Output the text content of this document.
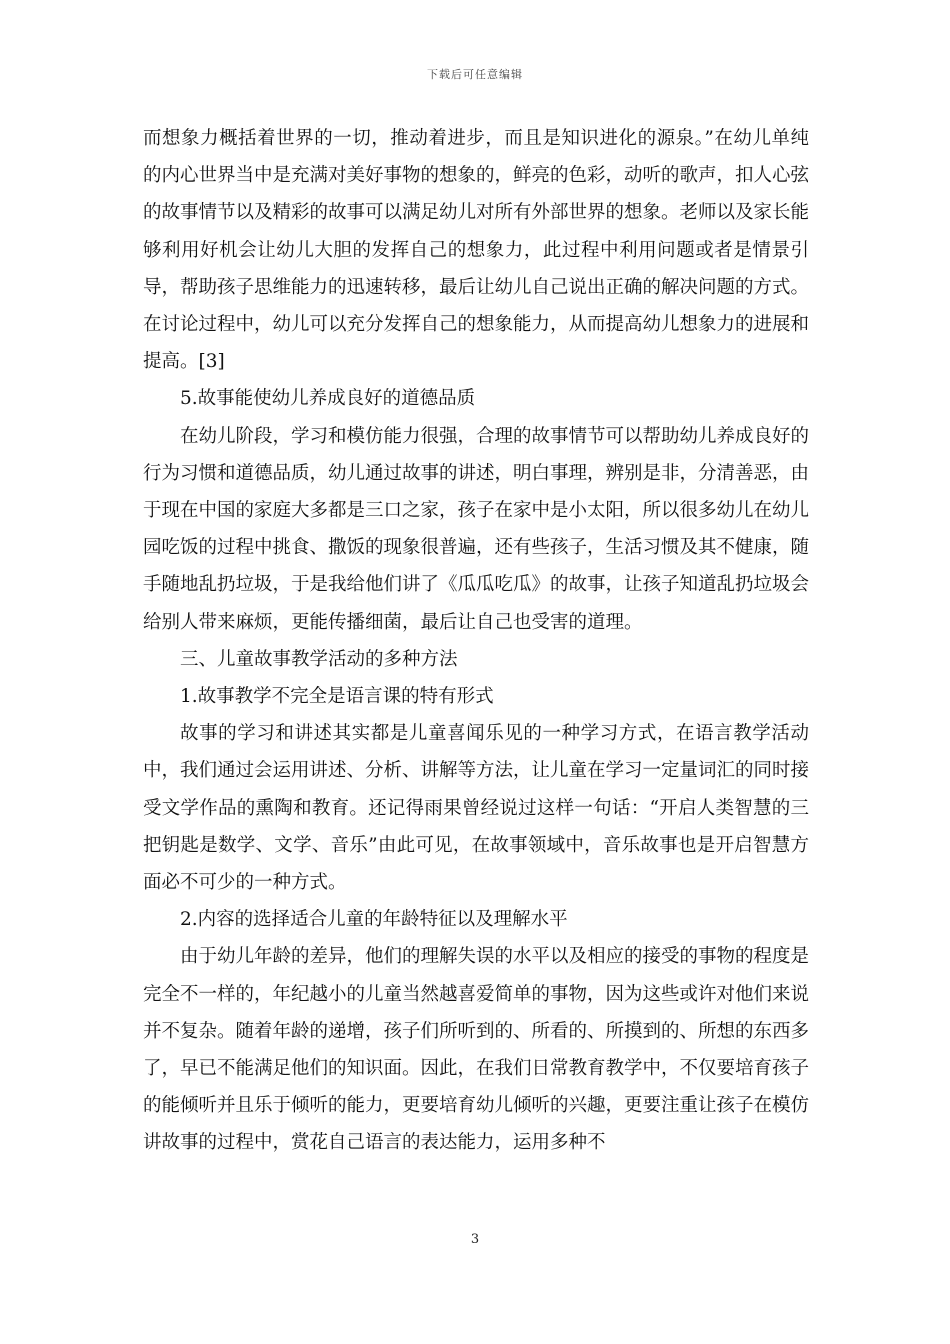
下载后可任意编辑

而想象力概括着世界的一切，推动着进步，而且是知识进化的源泉。”在幼儿单纯的内心世界当中是充满对美好事物的想象的，鲜亮的色彩，动听的歌声，扣人心弦的故事情节以及精彩的故事可以满足幼儿对所有外部世界的想象。老师以及家长能够利用好机会让幼儿大胆的发挥自己的想象力，此过程中利用问题或者是情景引导，帮助孩子思维能力的迅速转移，最后让幼儿自己说出正确的解决问题的方式。在讨论过程中，幼儿可以充分发挥自己的想象能力，从而提高幼儿想象力的进展和提高。[3]

5.故事能使幼儿养成良好的道德品质

在幼儿阶段，学习和模仿能力很强，合理的故事情节可以帮助幼儿养成良好的行为习惯和道德品质，幼儿通过故事的讲述，明白事理，辨别是非，分清善恶，由于现在中国的家庭大多都是三口之家，孩子在家中是小太阳，所以很多幼儿在幼儿园吃饭的过程中挑食、撒饭的现象很普遍，还有些孩子，生活习惯及其不健康，随手随地乱扔垃圾，于是我给他们讲了《瓜瓜吃瓜》的故事，让孩子知道乱扔垃圾会给别人带来麻烦，更能传播细菌，最后让自己也受害的道理。

三、儿童故事教学活动的多种方法

1.故事教学不完全是语言课的特有形式

故事的学习和讲述其实都是儿童喜闻乐见的一种学习方式，在语言教学活动中，我们通过会运用讲述、分析、讲解等方法，让儿童在学习一定量词汇的同时接受文学作品的熏陶和教育。还记得雨果曾经说过这样一句话：“开启人类智慧的三把钥匙是数学、文学、音乐”由此可见，在故事领域中，音乐故事也是开启智慧方面必不可少的一种方式。

2.内容的选择适合儿童的年龄特征以及理解水平

由于幼儿年龄的差异，他们的理解失误的水平以及相应的接受的事物的程度是完全不一样的，年纪越小的儿童当然越喜爱简单的事物，因为这些或许对他们来说并不复杂。随着年龄的递增，孩子们所听到的、所看的、所摸到的、所想的东西多了，早已不能满足他们的知识面。因此，在我们日常教育教学中，不仅要培育孩子的能倾听并且乐于倾听的能力，更要培育幼儿倾听的兴趣，更要注重让孩子在模仿讲故事的过程中，赏花自己语言的表达能力，运用多种不

3
